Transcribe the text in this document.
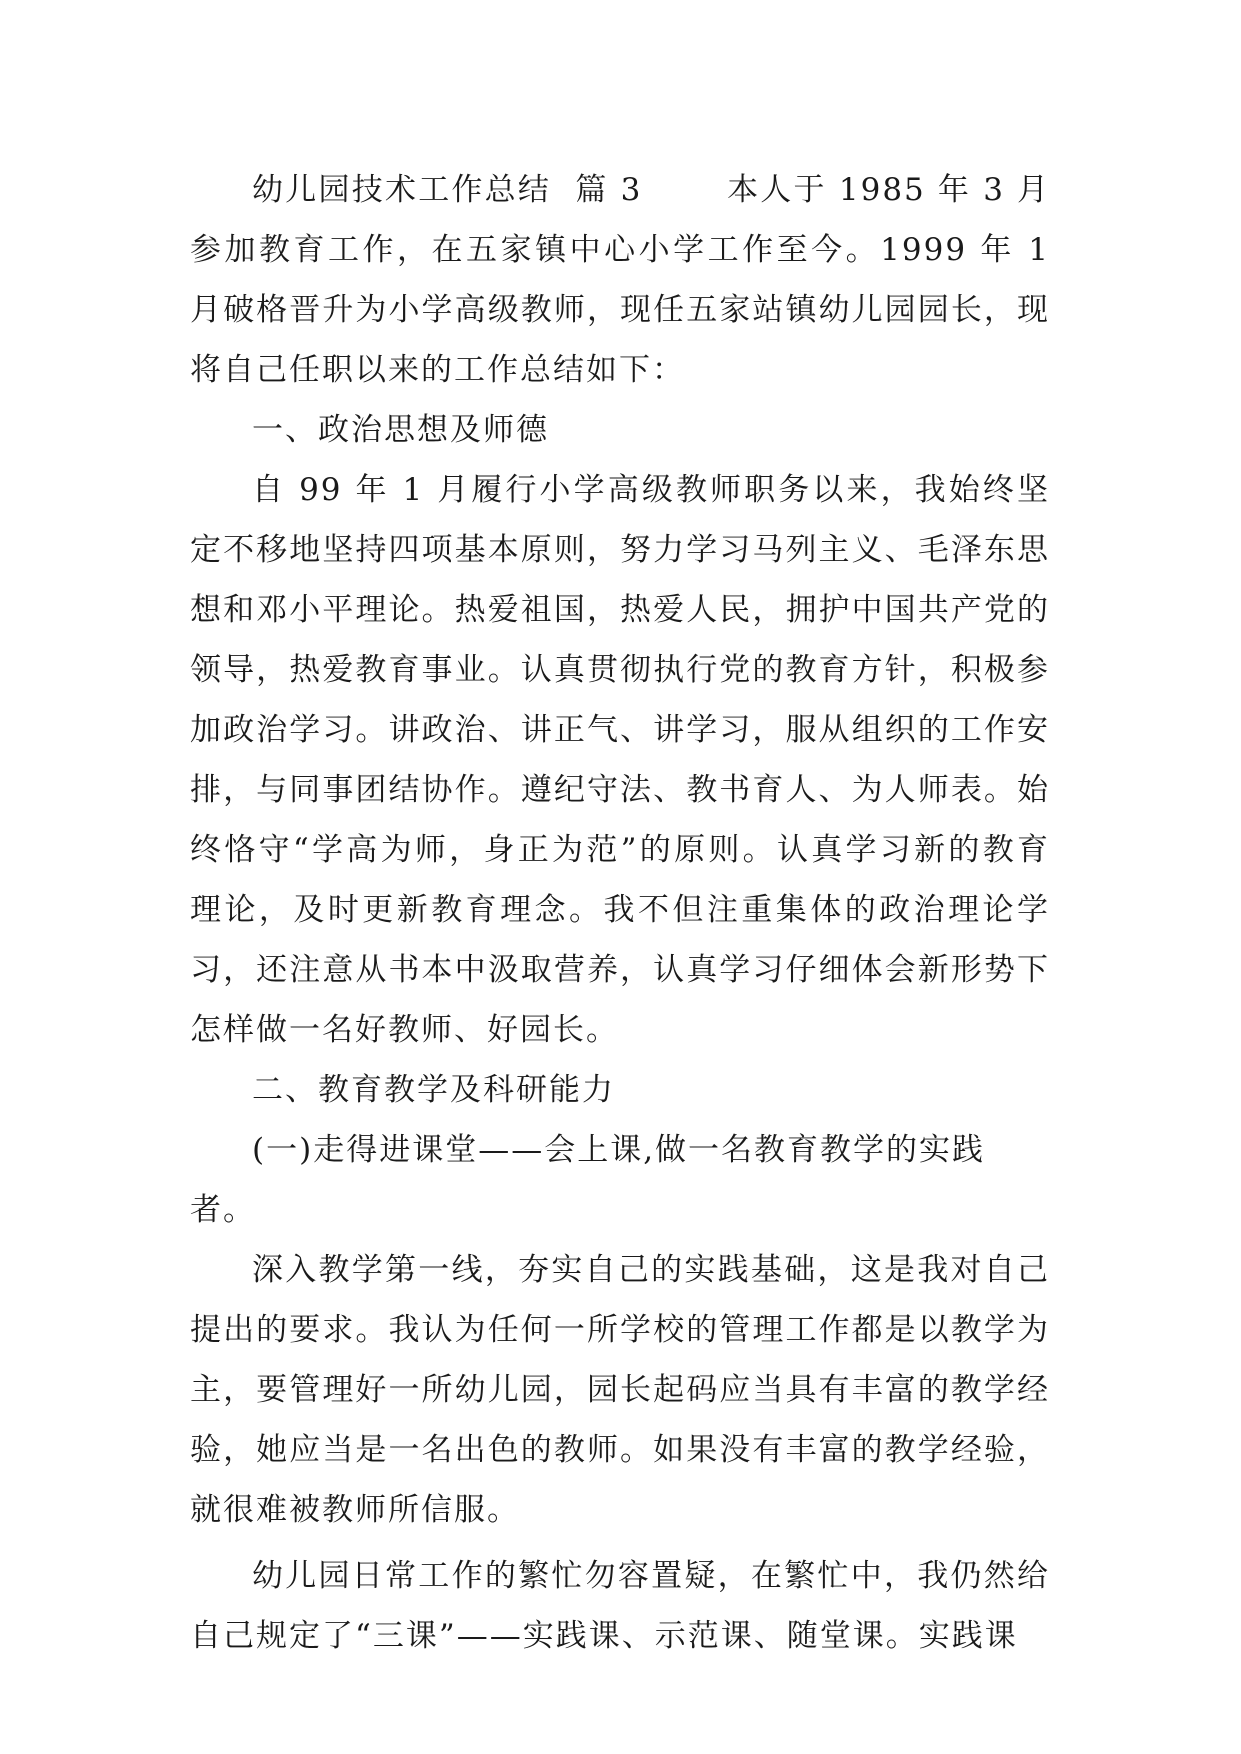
幼儿园技术工作总结 篇 3	本人于 1985 年 3 月参加教育工作，在五家镇中心小学工作至今。1999 年 1 月破格晋升为小学高级教师，现任五家站镇幼儿园园长，现将自己任职以来的工作总结如下：

一、政治思想及师德

自 99 年 1 月履行小学高级教师职务以来，我始终坚定不移地坚持四项基本原则，努力学习马列主义、毛泽东思想和邓小平理论。热爱祖国，热爱人民，拥护中国共产党的领导，热爱教育事业。认真贯彻执行党的教育方针，积极参加政治学习。讲政治、讲正气、讲学习，服从组织的工作安排，与同事团结协作。遵纪守法、教书育人、为人师表。始终恪守“学高为师，身正为范”的原则。认真学习新的教育理论，及时更新教育理念。我不但注重集体的政治理论学习，还注意从书本中汲取营养，认真学习仔细体会新形势下怎样做一名好教师、好园长。

二、教育教学及科研能力

(一)走得进课堂——会上课,做一名教育教学的实践者。

深入教学第一线，夯实自己的实践基础，这是我对自己提出的要求。我认为任何一所学校的管理工作都是以教学为主，要管理好一所幼儿园，园长起码应当具有丰富的教学经验，她应当是一名出色的教师。如果没有丰富的教学经验，就很难被教师所信服。

幼儿园日常工作的繁忙勿容置疑，在繁忙中，我仍然给自己规定了“三课”——实践课、示范课、随堂课。实践课
